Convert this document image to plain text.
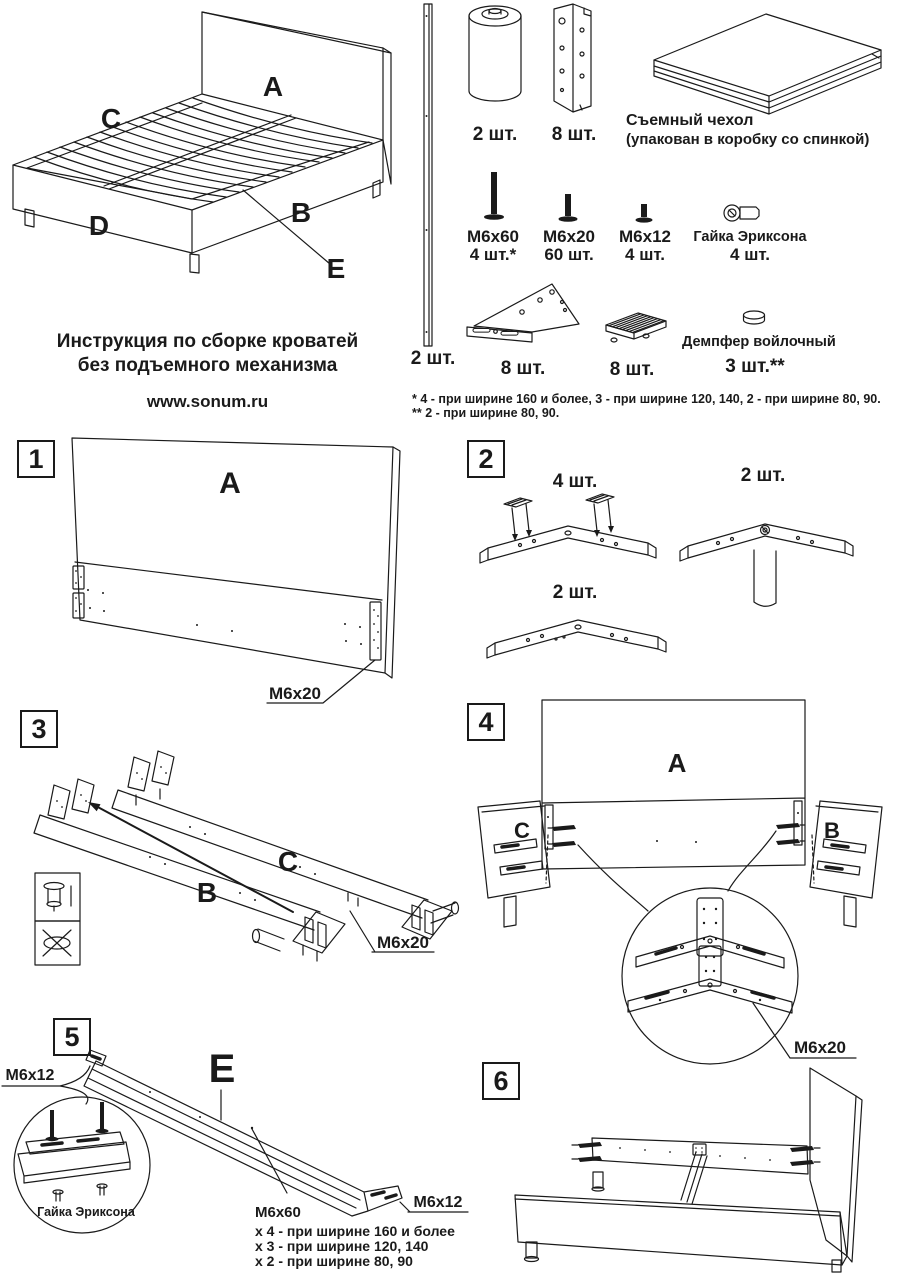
A
C
D	B
E
Инструкция по сборке кроватей
без подъемного механизма
www.sonum.ru
2 шт.
2 шт.	8 шт.
Съемный чехол
(упакован в коробку со спинкой)
M6x60
4 шт.*
M6x20
60 шт.
M6x12
4 шт.
Гайка Эриксона
4 шт.
8 шт.	8 шт.
Демпфер войлочный
3 шт.**
* 4 - при ширине 160 и более, 3 - при ширине 120, 140, 2 - при ширине 80, 90.
** 2 - при ширине 80, 90.
1
A
M6x20
2
4 шт.	2 шт.
2 шт.
3
B
C
M6x20
4
A
C	B
M6x20
5
E
M6x12
Гайка Эриксона	M6x60
x 4 - при ширине 160 и более
x 3 - при ширине 120, 140
x 2 - при ширине 80, 90
M6x12
6
